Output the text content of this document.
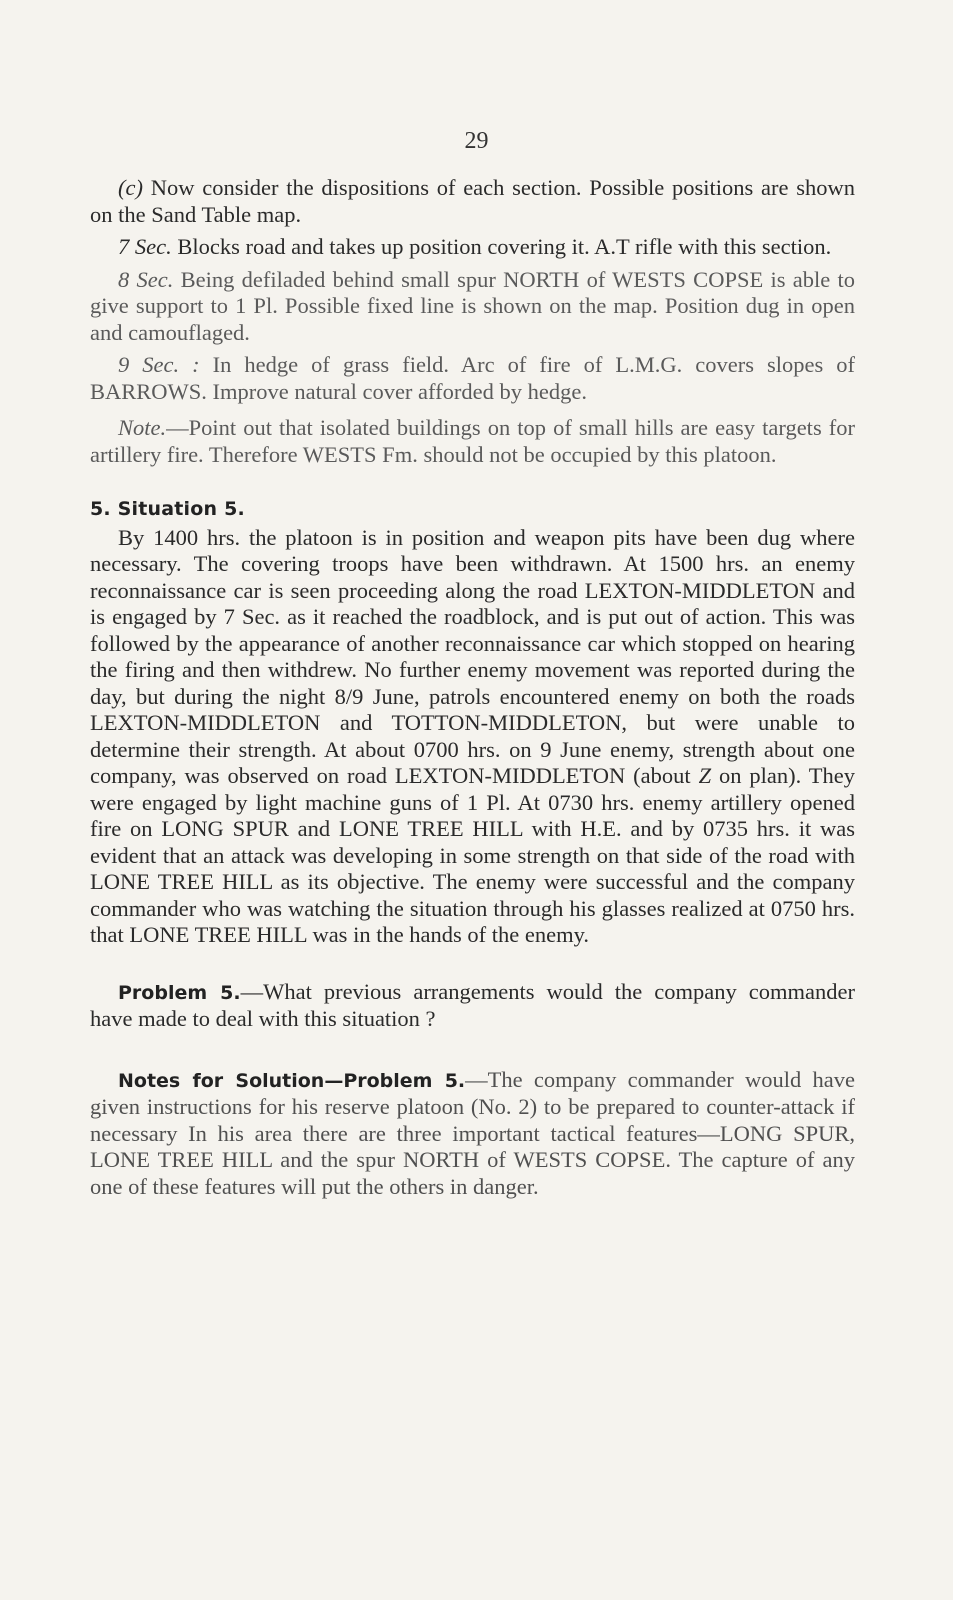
29

(c) Now consider the dispositions of each section. Possible positions are shown on the Sand Table map.

7 Sec. Blocks road and takes up position covering it. A.T rifle with this section.

8 Sec. Being defiladed behind small spur NORTH of WESTS COPSE is able to give support to 1 Pl. Possible fixed line is shown on the map. Position dug in open and camouflaged.

9 Sec. : In hedge of grass field. Arc of fire of L.M.G. covers slopes of BARROWS. Improve natural cover afforded by hedge.

Note.—Point out that isolated buildings on top of small hills are easy targets for artillery fire. Therefore WESTS Fm. should not be occupied by this platoon.

5. Situation 5.

By 1400 hrs. the platoon is in position and weapon pits have been dug where necessary. The covering troops have been withdrawn. At 1500 hrs. an enemy reconnaissance car is seen proceeding along the road LEXTON-MIDDLETON and is engaged by 7 Sec. as it reached the roadblock, and is put out of action. This was followed by the appearance of another reconnaissance car which stopped on hearing the firing and then withdrew. No further enemy movement was reported during the day, but during the night 8/9 June, patrols encountered enemy on both the roads LEXTON-MIDDLETON and TOTTON-MIDDLETON, but were unable to determine their strength. At about 0700 hrs. on 9 June enemy, strength about one company, was observed on road LEXTON-MIDDLETON (about Z on plan). They were engaged by light machine guns of 1 Pl. At 0730 hrs. enemy artillery opened fire on LONG SPUR and LONE TREE HILL with H.E. and by 0735 hrs. it was evident that an attack was developing in some strength on that side of the road with LONE TREE HILL as its objective. The enemy were successful and the company commander who was watching the situation through his glasses realized at 0750 hrs. that LONE TREE HILL was in the hands of the enemy.

Problem 5.—What previous arrangements would the company commander have made to deal with this situation ?

Notes for Solution—Problem 5.—The company commander would have given instructions for his reserve platoon (No. 2) to be prepared to counter-attack if necessary In his area there are three important tactical features—LONG SPUR, LONE TREE HILL and the spur NORTH of WESTS COPSE. The capture of any one of these features will put the others in danger.
